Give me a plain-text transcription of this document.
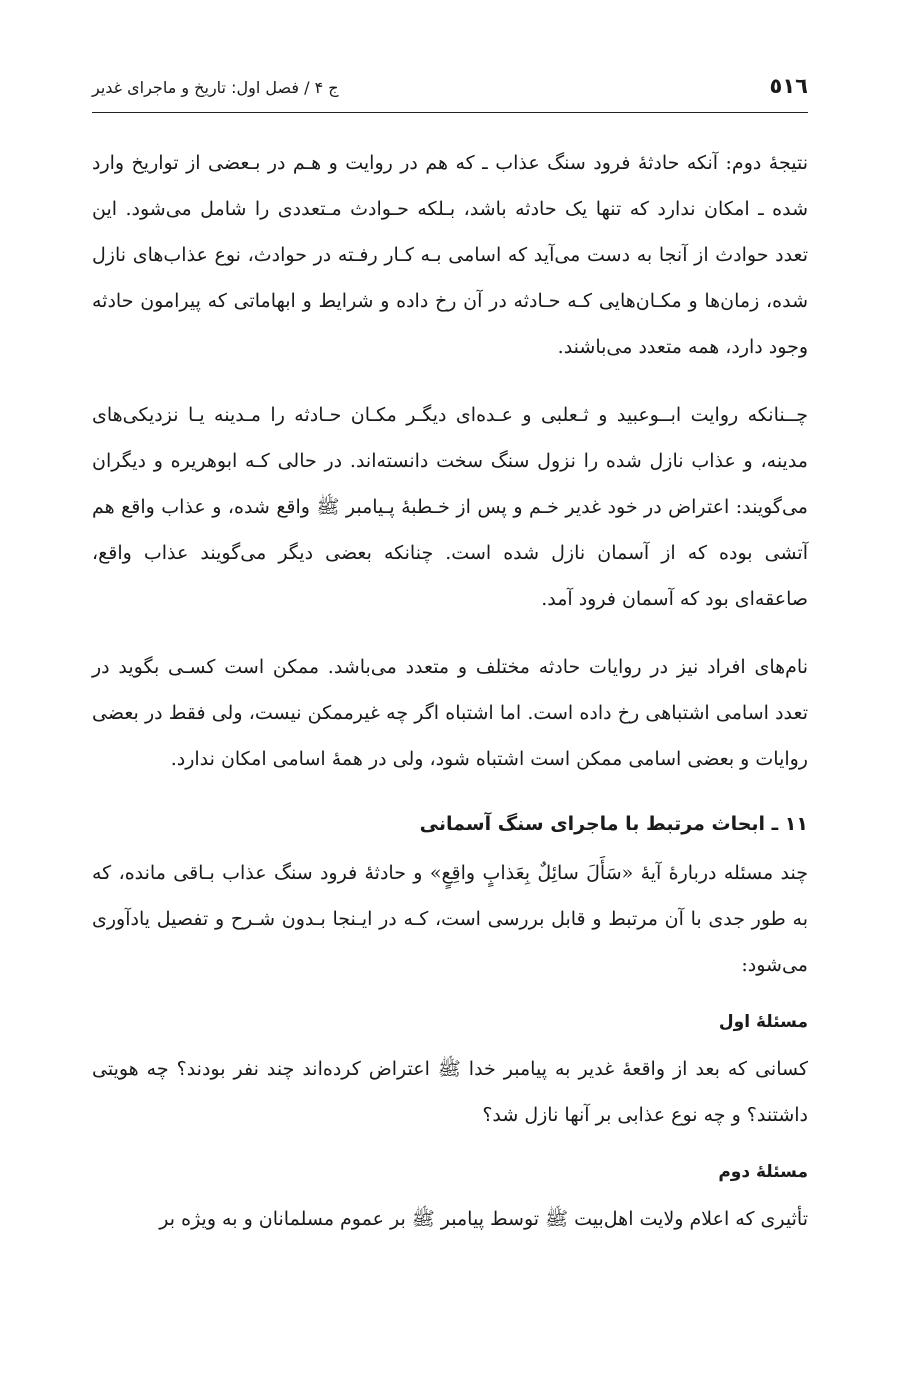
٥١٦
ج ۴ / فصل اول: تاریخ و ماجرای غدیر

نتیجهٔ دوم: آنکه حادثهٔ فرود سنگ عذاب ـ که هم در روایت و هـم در بـعضی از تواریخ وارد شده ـ امکان ندارد که تنها یک حادثه باشد، بـلکه حـوادث مـتعددی را شامل می‌شود. این تعدد حوادث از آنجا به دست می‌آید که اسامی بـه کـار رفـته در حوادث، نوع عذاب‌های نازل شده، زمان‌ها و مکـان‌هایی کـه حـادثه در آن رخ داده و شرایط و ابهاماتی که پیرامون حادثه وجود دارد، همه متعدد می‌باشند.

چــنانکه روایت ابــوعبید و ثـعلبی و عـده‌ای دیگـر مکـان حـادثه را مـدینه یـا نزدیکی‌های مدینه، و عذاب نازل شده را نزول سنگ سخت دانسته‌اند. در حالی کـه ابوهریره و دیگران می‌گویند: اعتراض در خود غدیر خـم و پس از خـطبهٔ پـیامبر ﷺ واقع شده، و عذاب واقع هم آتشی بوده که از آسمان نازل شده است. چنانکه بعضی دیگر می‌گویند عذاب واقع، صاعقه‌ای بود که آسمان فرود آمد.

نام‌های افراد نیز در روایات حادثه مختلف و متعدد می‌باشد. ممکن است کسـی بگوید در تعدد اسامی اشتباهی رخ داده است. اما اشتباه اگر چه غیرممکن نیست، ولی فقط در بعضی روایات و بعضی اسامی ممکن است اشتباه شود، ولی در همهٔ اسامی امکان ندارد.

۱۱ ـ ابحاث مرتبط با ماجرای سنگ آسمانی

چند مسئله دربارهٔ آیهٔ «سَأَلَ سائِلٌ بِعَذابٍ واقِعٍ» و حادثهٔ فرود سنگ عذاب بـاقی مانده، که به طور جدی با آن مرتبط و قابل بررسی است، کـه در ایـنجا بـدون شـرح و تفصیل یادآوری می‌شود:

مسئلهٔ اول

کسانی که بعد از واقعهٔ غدیر به پیامبر خدا ﷺ اعتراض کرده‌اند چند نفر بودند؟ چه هویتی داشتند؟ و چه نوع عذابی بر آنها نازل شد؟

مسئلهٔ دوم

تأثیری که اعلام ولایت اهل‌بیت ﷺ توسط پیامبر ﷺ بر عموم مسلمانان و به ویژه بر
